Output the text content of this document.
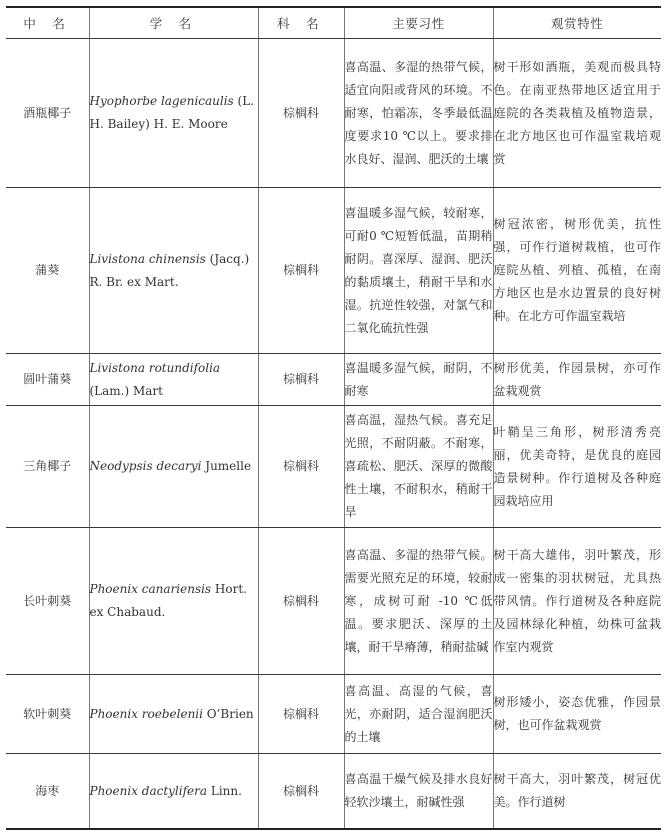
中 名	学 名	科 名	主要习性	观赏特性
酒瓶椰子	Hyophorbe lagenicaulis (L. H. Bailey) H. E. Moore	棕榈科	喜高温、多湿的热带气候，适宜向阳或背风的环境。不耐寒，怕霜冻，冬季最低温度要求10 ℃以上。要求排水良好、湿润、肥沃的土壤	树干形如酒瓶，美观而极具特色。在南亚热带地区适宜用于庭院的各类栽植及植物造景，在北方地区也可作温室栽培观赏
蒲葵	Livistona chinensis (Jacq.) R. Br. ex Mart.	棕榈科	喜温暖多湿气候，较耐寒，可耐0 ℃短暂低温，苗期稍耐阴。喜深厚、湿润、肥沃的黏质壤土，稍耐干旱和水湿。抗逆性较强，对氯气和二氧化硫抗性强	树冠浓密，树形优美，抗性强，可作行道树栽植，也可作庭院丛植、列植、孤植，在南方地区也是水边置景的良好树种。在北方可作温室栽培
圆叶蒲葵	Livistona rotundifolia (Lam.) Mart	棕榈科	喜温暖多湿气候，耐阴，不耐寒	树形优美，作园景树，亦可作盆栽观赏
三角椰子	Neodypsis decaryi Jumelle	棕榈科	喜高温，湿热气候。喜充足光照，不耐阴蔽。不耐寒，喜疏松、肥沃、深厚的微酸性土壤，不耐积水，稍耐干旱	叶鞘呈三角形，树形清秀亮丽，优美奇特，是优良的庭园造景树种。作行道树及各种庭园栽培应用
长叶刺葵	Phoenix canariensis Hort. ex Chabaud.	棕榈科	喜高温、多湿的热带气候。需要光照充足的环境，较耐寒，成树可耐 -10 ℃低温。要求肥沃、深厚的土壤，耐干旱瘠薄，稍耐盐碱	树干高大雄伟，羽叶繁茂，形成一密集的羽状树冠，尤具热带风情。作行道树及各种庭院及园林绿化种植，幼株可盆栽作室内观赏
软叶刺葵	Phoenix roebelenii O’Brien	棕榈科	喜高温、高湿的气候，喜光，亦耐阴，适合湿润肥沃的土壤	树形矮小，姿态优雅，作园景树，也可作盆栽观赏
海枣	Phoenix dactylifera Linn.	棕榈科	喜高温干燥气候及排水良好轻软沙壤土，耐碱性强	树干高大，羽叶繁茂，树冠优美。作行道树
